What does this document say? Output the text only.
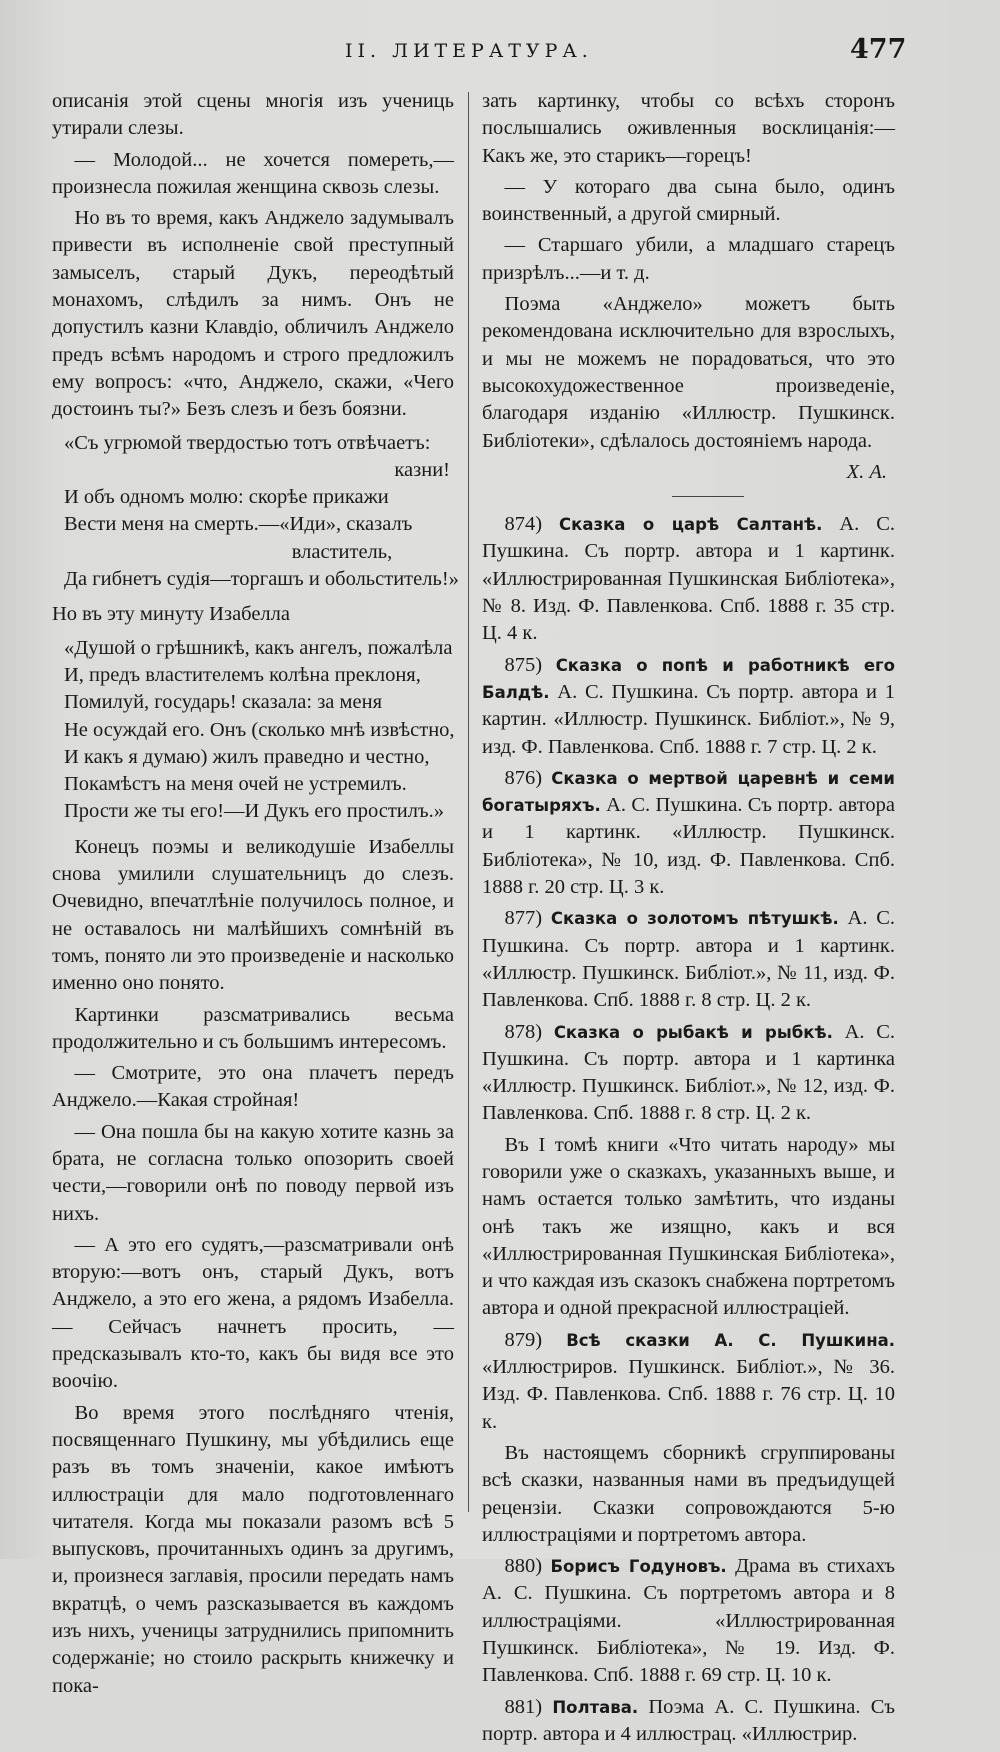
II. ЛИТЕРАТУРА.	477

описанія этой сцены многія изъ учениць утирали слезы.

— Молодой... не хочется помереть,— произнесла пожилая женщина сквозь слезы.

Но въ то время, какъ Анджело задумывалъ привести въ исполненіе свой преступный замыселъ, старый Дукъ, переодѣтый монахомъ, слѣдилъ за нимъ. Онъ не допустилъ казни Клавдіо, обличилъ Анджело предъ всѣмъ народомъ и строго предложилъ ему вопросъ: «что, Анджело, скажи, «Чего достоинъ ты?» Безъ слезъ и безъ боязни.

«Съ угрюмой твердостью тотъ отвѣчаетъ:
казни!
И объ одномъ молю: скорѣе прикажи
Вести меня на смерть.—«Иди», сказалъ
властитель,
Да гибнетъ судія—торгашъ и обольститель!»

Но въ эту минуту Изабелла

«Душой о грѣшникѣ, какъ ангелъ, пожалѣла
И, предъ властителемъ колѣна преклоня,
Помилуй, государь! сказала: за меня
Не осуждай его. Онъ (сколько мнѣ извѣстно,
И какъ я думаю) жилъ праведно и честно,
Покамѣстъ на меня очей не устремилъ.
Прости же ты его!—И Дукъ его простилъ.»

Конецъ поэмы и великодушіе Изабеллы снова умилили слушательницъ до слезъ. Очевидно, впечатлѣніе получилось полное, и не оставалось ни малѣйшихъ сомнѣній въ томъ, понято ли это произведеніе и насколько именно оно понято.

Картинки разсматривались весьма продолжительно и съ большимъ интересомъ.

— Смотрите, это она плачетъ передъ Анджело.—Какая стройная!

— Она пошла бы на какую хотите казнь за брата, не согласна только опозорить своей чести,—говорили онѣ по поводу первой изъ нихъ.

— А это его судятъ,—разсматривали онѣ вторую:—вотъ онъ, старый Дукъ, вотъ Анджело, а это его жена, а рядомъ Изабелла.— Сейчасъ начнетъ просить, — предсказывалъ кто-то, какъ бы видя все это воочію.

Во время этого послѣдняго чтенія, посвященнаго Пушкину, мы убѣдились еще разъ въ томъ значеніи, какое имѣютъ иллюстраціи для мало подготовленнаго читателя. Когда мы показали разомъ всѣ 5 выпусковъ, прочитанныхъ одинъ за другимъ, и, произнеся заглавія, просили передать намъ вкратцѣ, о чемъ разсказывается въ каждомъ изъ нихъ, ученицы затруднились припомнить содержаніе; но стоило раскрыть книжечку и пока-

зать картинку, чтобы со всѣхъ сторонъ послышались оживленныя восклицанія:—Какъ же, это старикъ—горецъ!

— У котораго два сына было, одинъ воинственный, а другой смирный.

— Старшаго убили, а младшаго старецъ призрѣлъ...—и т. д.

Поэма «Анджело» можетъ быть рекомендована исключительно для взрослыхъ, и мы не можемъ не порадоваться, что это высокохудожественное произведеніе, благодаря изданію «Иллюстр. Пушкинск. Библіотеки», сдѣлалось достояніемъ народа.

Х. А.

874) Сказка о царѣ Салтанѣ. А. С. Пушкина. Съ портр. автора и 1 картинк. «Иллюстрированная Пушкинская Библіотека», № 8. Изд. Ф. Павленкова. Спб. 1888 г. 35 стр. Ц. 4 к.

875) Сказка о попѣ и работникѣ его Балдѣ. А. С. Пушкина. Съ портр. автора и 1 картин. «Иллюстр. Пушкинск. Библіот.», № 9, изд. Ф. Павленкова. Спб. 1888 г. 7 стр. Ц. 2 к.

876) Сказка о мертвой царевнѣ и семи богатыряхъ. А. С. Пушкина. Съ портр. автора и 1 картинк. «Иллюстр. Пушкинск. Библіотека», № 10, изд. Ф. Павленкова. Спб. 1888 г. 20 стр. Ц. 3 к.

877) Сказка о золотомъ пѣтушкѣ. А. С. Пушкина. Съ портр. автора и 1 картинк. «Иллюстр. Пушкинск. Библіот.», № 11, изд. Ф. Павленкова. Спб. 1888 г. 8 стр. Ц. 2 к.

878) Сказка о рыбакѣ и рыбкѣ. А. С. Пушкина. Съ портр. автора и 1 картинка «Иллюстр. Пушкинск. Библіот.», № 12, изд. Ф. Павленкова. Спб. 1888 г. 8 стр. Ц. 2 к.

Въ I томѣ книги «Что читать народу» мы говорили уже о сказкахъ, указанныхъ выше, и намъ остается только замѣтить, что изданы онѣ такъ же изящно, какъ и вся «Иллюстрированная Пушкинская Библіотека», и что каждая изъ сказокъ снабжена портретомъ автора и одной прекрасной иллюстраціей.

879) Всѣ сказки А. С. Пушкина. «Иллюстриров. Пушкинск. Библіот.», № 36. Изд. Ф. Павленкова. Спб. 1888 г. 76 стр. Ц. 10 к.

Въ настоящемъ сборникѣ сгруппированы всѣ сказки, названныя нами въ предъидущей рецензіи. Сказки сопровождаются 5-ю иллюстраціями и портретомъ автора.

880) Борисъ Годуновъ. Драма въ стихахъ А. С. Пушкина. Съ портретомъ автора и 8 иллюстраціями. «Иллюстрированная Пушкинск. Библіотека», № 19. Изд. Ф. Павленкова. Спб. 1888 г. 69 стр. Ц. 10 к.

881) Полтава. Поэма А. С. Пушкина. Съ портр. автора и 4 иллюстрац. «Иллюстрир.
